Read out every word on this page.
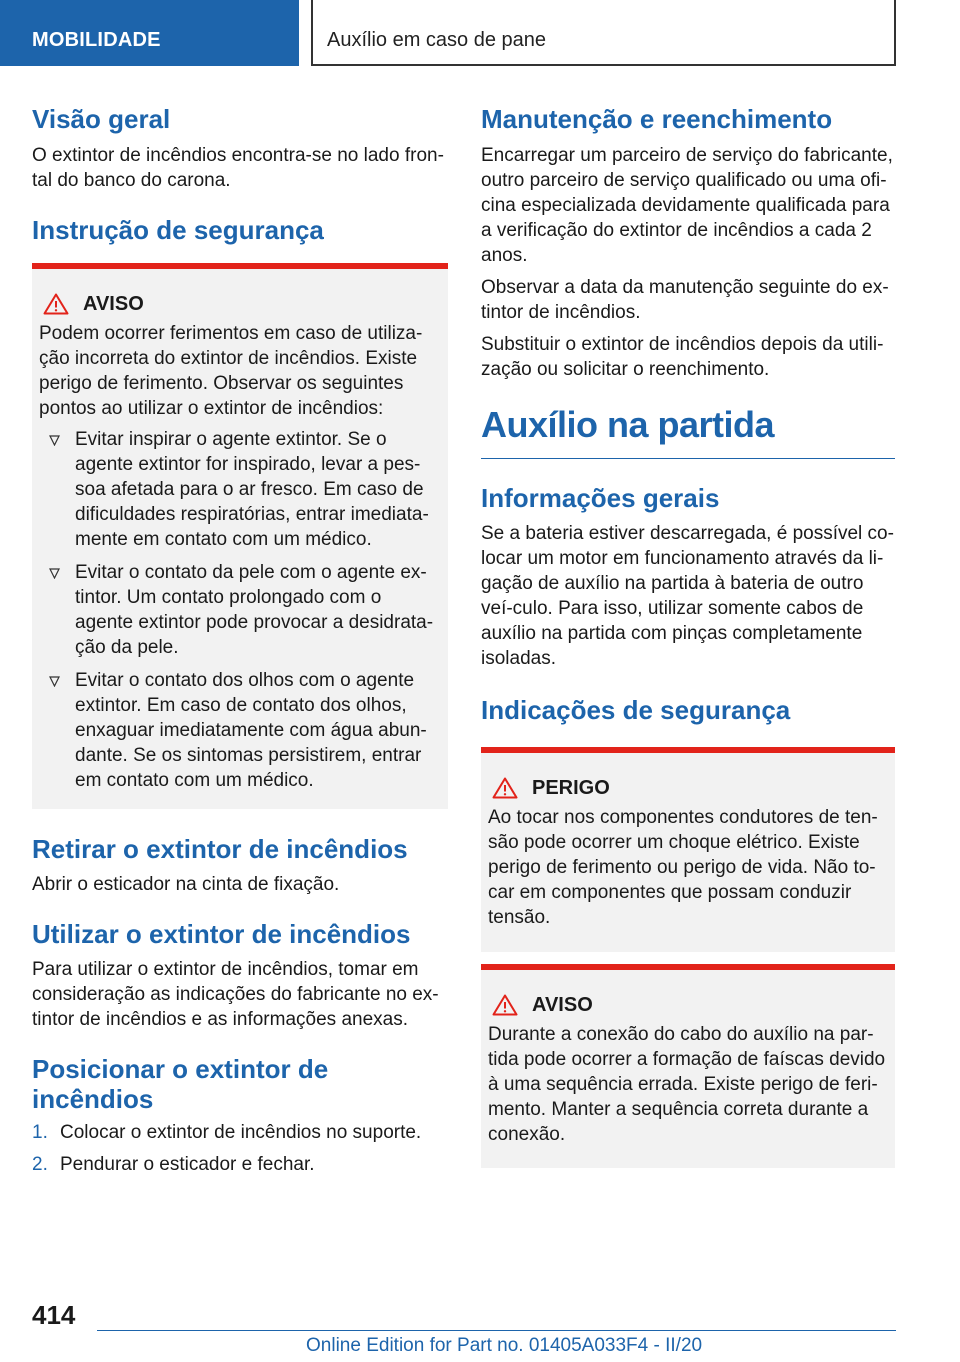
MOBILIDADE	Auxílio em caso de pane
Visão geral

O extintor de incêndios encontra-se no lado fron-tal do banco do carona.

Instrução de segurança
AVISO

Podem ocorrer ferimentos em caso de utiliza-ção incorreta do extintor de incêndios. Existe perigo de ferimento. Observar os seguintes pontos ao utilizar o extintor de incêndios:

Evitar inspirar o agente extintor. Se o agente extintor for inspirado, levar a pes-soa afetada para o ar fresco. Em caso de dificuldades respiratórias, entrar imediata-mente em contato com um médico.
Evitar o contato da pele com o agente ex-tintor. Um contato prolongado com o agente extintor pode provocar a desidrata-ção da pele.
Evitar o contato dos olhos com o agente extintor. Em caso de contato dos olhos, enxaguar imediatamente com água abun-dante. Se os sintomas persistirem, entrar em contato com um médico.
Retirar o extintor de incêndios

Abrir o esticador na cinta de fixação.

Utilizar o extintor de incêndios

Para utilizar o extintor de incêndios, tomar em consideração as indicações do fabricante no ex-tintor de incêndios e as informações anexas.

Posicionar o extintor de incêndios
1. Colocar o extintor de incêndios no suporte.
2. Pendurar o esticador e fechar.
Manutenção e reenchimento

Encarregar um parceiro de serviço do fabricante, outro parceiro de serviço qualificado ou uma ofi-cina especializada devidamente qualificada para a verificação do extintor de incêndios a cada 2 anos.

Observar a data da manutenção seguinte do ex-tintor de incêndios.

Substituir o extintor de incêndios depois da utili-zação ou solicitar o reenchimento.

Auxílio na partida
Informações gerais

Se a bateria estiver descarregada, é possível co-locar um motor em funcionamento através da li-gação de auxílio na partida à bateria de outro veí-culo. Para isso, utilizar somente cabos de auxílio na partida com pinças completamente isoladas.

Indicações de segurança
PERIGO

Ao tocar nos componentes condutores de ten-são pode ocorrer um choque elétrico. Existe perigo de ferimento ou perigo de vida. Não to-car em componentes que possam conduzir tensão.

AVISO

Durante a conexão do cabo do auxílio na par-tida pode ocorrer a formação de faíscas devido à uma sequência errada. Existe perigo de feri-mento. Manter a sequência correta durante a conexão.

414
Online Edition for Part no. 01405A033F4 - II/20
